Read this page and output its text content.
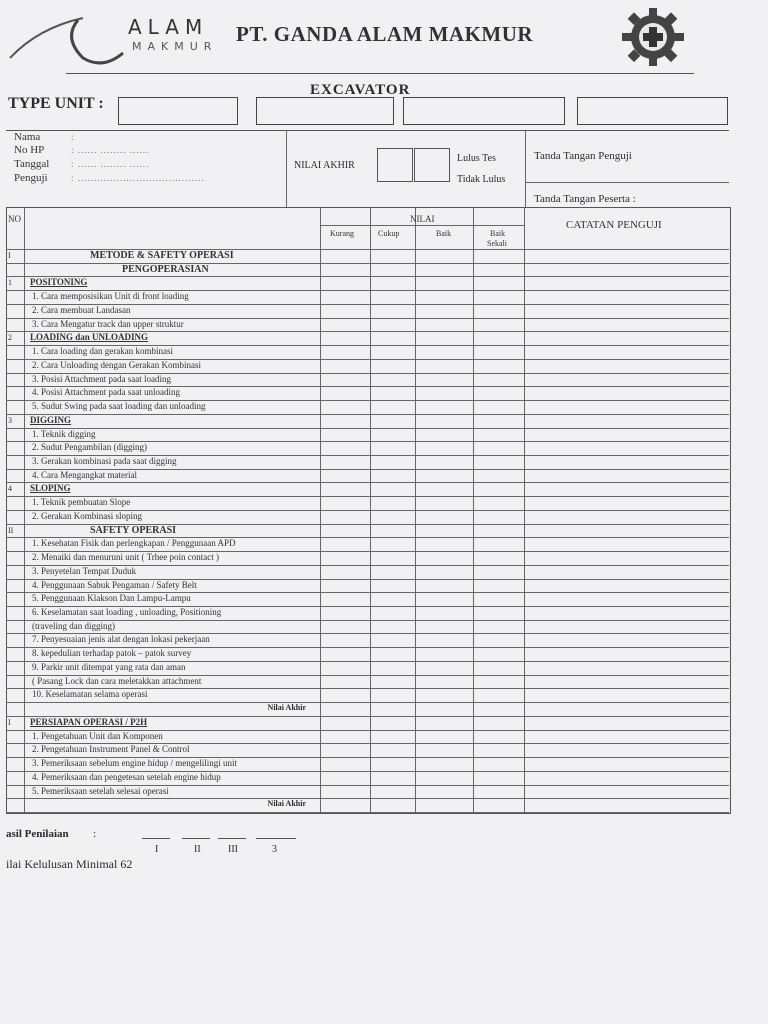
ALAM
MAKMUR
PT. GANDA ALAM MAKMUR
EXCAVATOR
TYPE UNIT :
Nama	:
No HP	: ...... ........ ......
Tanggal : ...... ........ ......
Penguji	: .......................................
NILAI AKHIR
Lulus Tes
Tidak Lulus
Tanda Tangan Penguji
Tanda Tangan Peserta :
NO	NILAI
Kurang	Cukup	Baik	Baik
Sekali
CATATAN PENGUJI
I	METODE & SAFETY OPERASI
PENGOPERASIAN
1 POSITONING
1. Cara memposisikan Unit di front loading
2. Cara membuat Landasan
3. Cara Mengatur track dan upper struktur
2 LOADING dan UNLOADING
1. Cara loading dan gerakan kombinasi
2. Cara Unloading dengan Gerakan Kombinasi
3. Posisi Attachment pada saat loading
4. Posisi Attachment pada saat unloading
5. Sudut Swing pada saat loading dan unloading
3 DIGGING
1. Teknik digging
2. Sudut Pengambilan (digging)
3. Gerakan kombinasi pada saat digging
4. Cara Mengangkat material
4 SLOPING
1. Teknik pembuatan Slope
2. Gerakan Kombinasi sloping
II	SAFETY OPERASI
1. Kesehatan Fisik dan perlengkapan / Penggunaan APD
2. Menaiki dan menuruni unit ( Trhee poin contact )
3. Penyetelan Tempat Duduk
4. Penggunaan Sabuk Pengaman / Safety Belt
5. Penggunaan Klakson Dan Lampu-Lampu
6. Keselamatan saat loading , unloading, Positioning
(traveling dan digging)
7. Penyesuaian jenis alat dengan lokasi pekerjaan
8. kepedulian terhadap patok – patok survey
9. Parkir unit ditempat yang rata dan aman
( Pasang Lock dan cara meletakkan attachment
10. Keselamatan selama operasi
Nilai Akhir
I PERSIAPAN OPERASI / P2H
1. Pengetahuan Unit dan Komponen
2. Pengetahuan Instrument Panel & Control
3. Pemeriksaan sebelum engine hidup / mengelilingi unit
4. Pemeriksaan dan pengetesan setelah engine hidup
5. Pemeriksaan setelah selesai operasi
Nilai Akhir
asil Penilaian :
I	II	III	3
ilai Kelulusan Minimal 62
